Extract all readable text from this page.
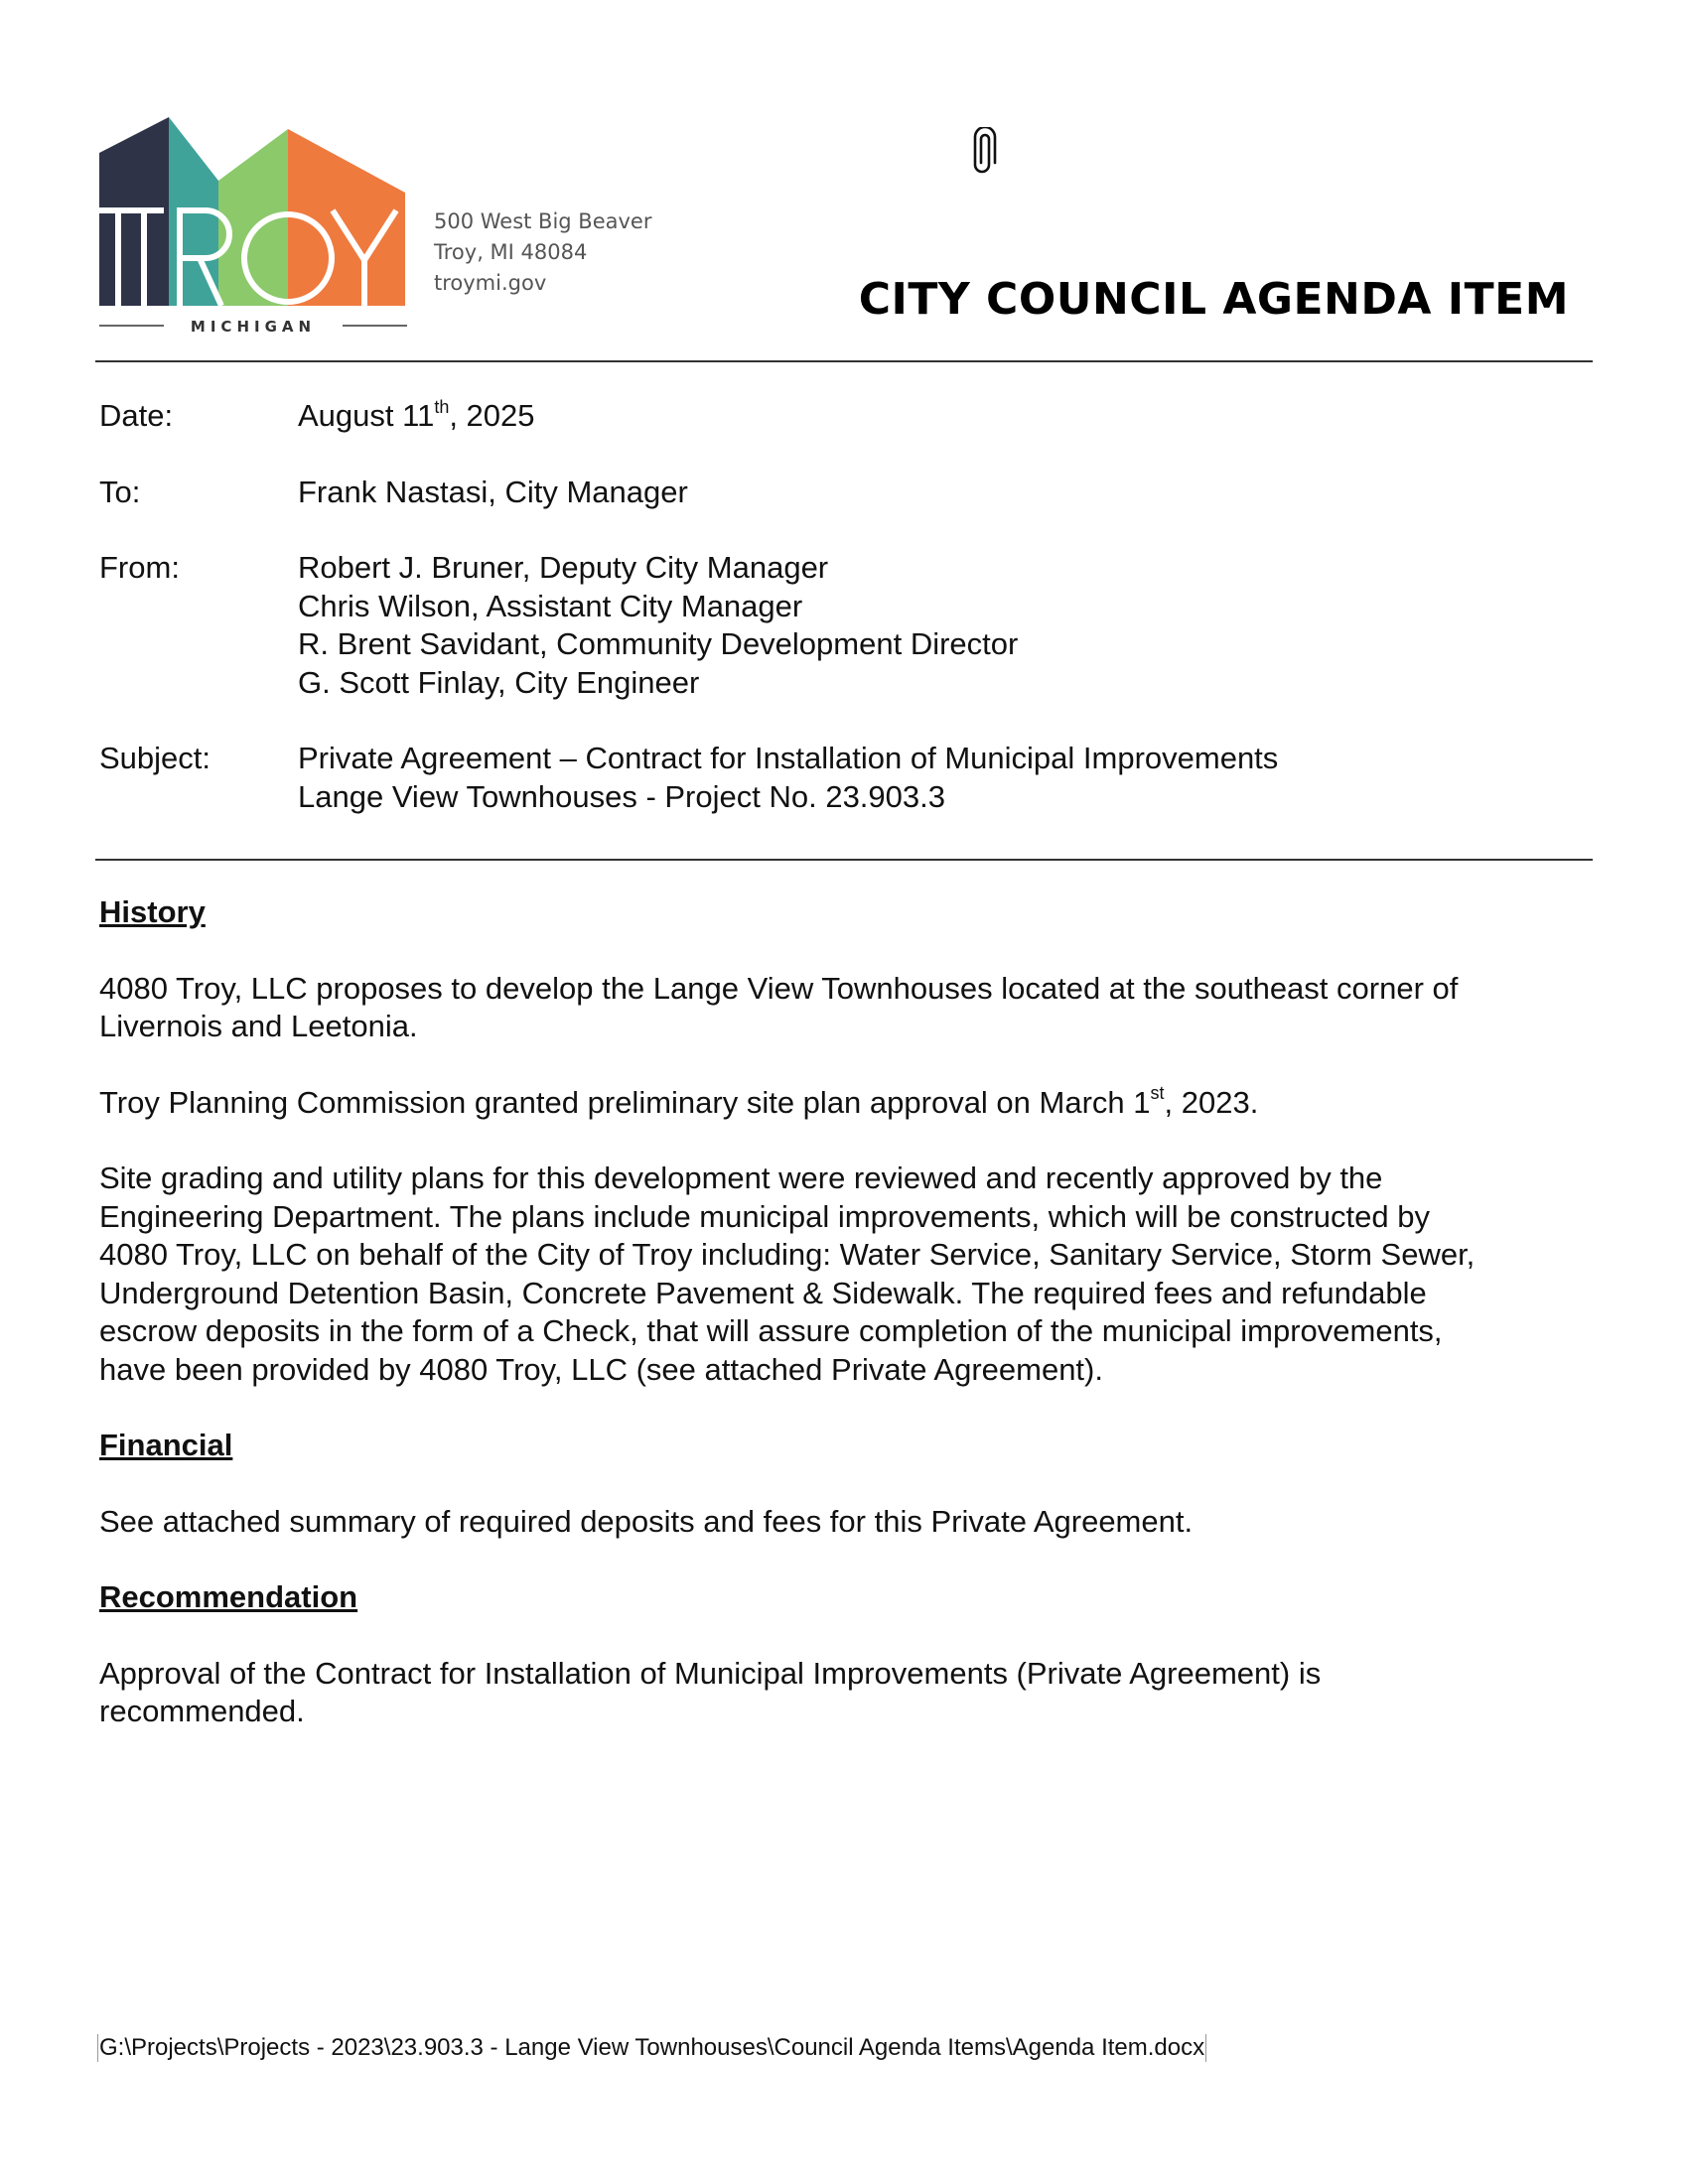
MICHIGAN
500 West Big Beaver
Troy, MI 48084
troymi.gov	CITY COUNCIL AGENDA ITEM
Date:	August 11th, 2025
To:	Frank Nastasi, City Manager
From:	Robert J. Bruner, Deputy City Manager
Chris Wilson, Assistant City Manager
R. Brent Savidant, Community Development Director
G. Scott Finlay, City Engineer
Subject:	Private Agreement – Contract for Installation of Municipal Improvements
Lange View Townhouses - Project No. 23.903.3
History

4080 Troy, LLC proposes to develop the Lange View Townhouses located at the southeast corner of
Livernois and Leetonia.

Troy Planning Commission granted preliminary site plan approval on March 1st, 2023.

Site grading and utility plans for this development were reviewed and recently approved by the
Engineering Department. The plans include municipal improvements, which will be constructed by
4080 Troy, LLC on behalf of the City of Troy including: Water Service, Sanitary Service, Storm Sewer,
Underground Detention Basin, Concrete Pavement & Sidewalk. The required fees and refundable
escrow deposits in the form of a Check, that will assure completion of the municipal improvements,
have been provided by 4080 Troy, LLC (see attached Private Agreement).

Financial

See attached summary of required deposits and fees for this Private Agreement.

Recommendation

Approval of the Contract for Installation of Municipal Improvements (Private Agreement) is
recommended.

G:\Projects\Projects - 2023\23.903.3 - Lange View Townhouses\Council Agenda Items\Agenda Item.docx
